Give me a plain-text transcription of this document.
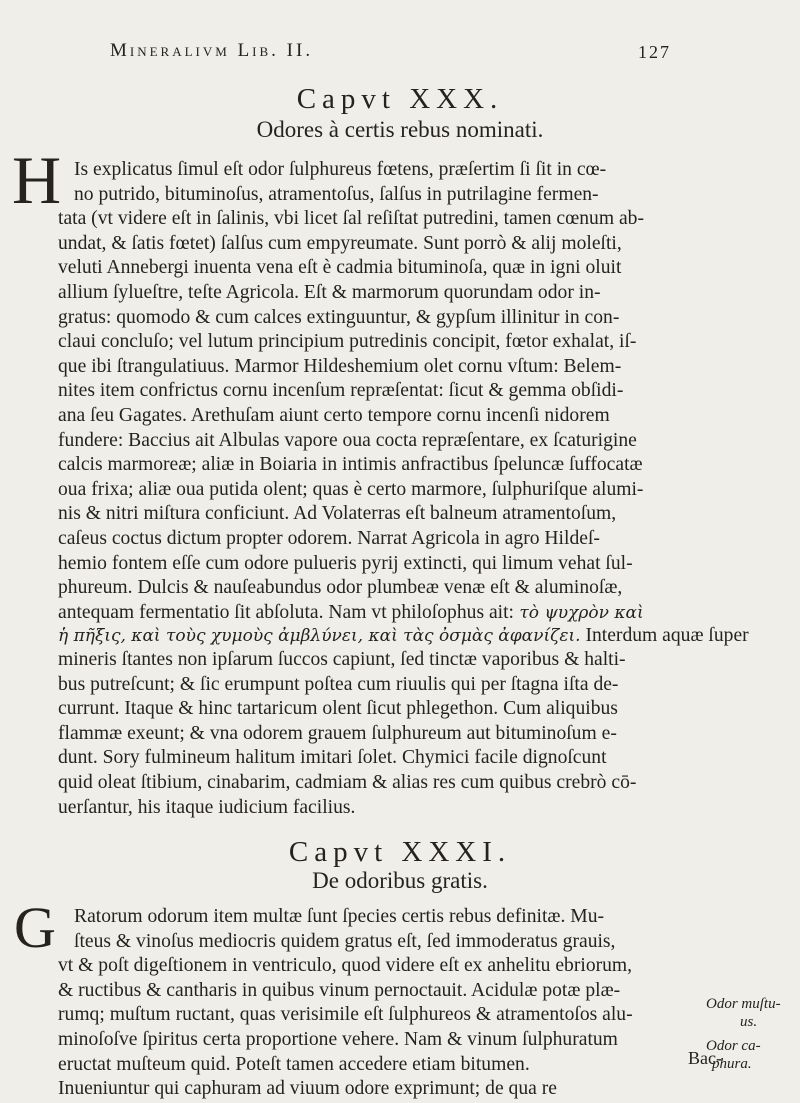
Mineralivm Lib. II.	127
Capvt XXX.
Odores à certis rebus nominati.
H Is explicatus ſimul eſt odor ſulphureus fœtens, præſertim ſi ſit in cœ-
no putrido, bituminoſus, atramentoſus, ſalſus in putrilagine fermen-
tata (vt videre eſt in ſalinis, vbi licet ſal reſiſtat putredini, tamen cœnum ab-
undat, & ſatis fœtet) ſalſus cum empyreumate. Sunt porrò & alij moleſti,
veluti Annebergi inuenta vena eſt è cadmia bituminoſa, quæ in igni oluit
allium ſylueſtre, teſte Agricola. Eſt & marmorum quorundam odor in-
gratus: quomodo & cum calces extinguuntur, & gypſum illinitur in con-
claui concluſo; vel lutum principium putredinis concipit, fœtor exhalat, iſ-
que ibi ſtrangulatiuus. Marmor Hildeshemium olet cornu vſtum: Belem-
nites item confrictus cornu incenſum repræſentat: ſicut & gemma obſidi-
ana ſeu Gagates. Arethuſam aiunt certo tempore cornu incenſi nidorem
fundere: Baccius ait Albulas vapore oua cocta repræſentare, ex ſcaturigine
calcis marmoreæ; aliæ in Boiaria in intimis anfractibus ſpeluncæ ſuffocatæ
oua frixa; aliæ oua putida olent; quas è certo marmore, ſulphuriſque alumi-
nis & nitri miſtura conficiunt. Ad Volaterras eſt balneum atramentoſum,
caſeus coctus dictum propter odorem. Narrat Agricola in agro Hildeſ-
hemio fontem eſſe cum odore pulueris pyrij extincti, qui limum vehat ſul-
phureum. Dulcis & nauſeabundus odor plumbeæ venæ eſt & aluminoſæ,
antequam fermentatio ſit abſoluta. Nam vt philoſophus ait: τὸ ψυχρὸν καὶ
ἡ πῆξις, καὶ τοὺς χυμοὺς ἀμβλύνει, καὶ τὰς ὀσμὰς ἀφανίζει. Interdum aquæ ſuper
mineris ſtantes non ipſarum ſuccos capiunt, ſed tinctæ vaporibus & halti-
bus putreſcunt; & ſic erumpunt poſtea cum riuulis qui per ſtagna iſta de-
currunt. Itaque & hinc tartaricum olent ſicut phlegethon. Cum aliquibus
flammæ exeunt; & vna odorem grauem ſulphureum aut bituminoſum e-
dunt. Sory fulmineum halitum imitari ſolet. Chymici facile dignoſcunt
quid oleat ſtibium, cinabarim, cadmiam & alias res cum quibus crebrò cō-
uerſantur, his itaque iudicium facilius.
Capvt XXXI.
De odoribus gratis.
G Ratorum odorum item multæ ſunt ſpecies certis rebus definitæ. Mu-
ſteus & vinoſus mediocris quidem gratus eſt, ſed immoderatus grauis,
vt & poſt digeſtionem in ventriculo, quod videre eſt ex anhelitu ebriorum,
& ructibus & cantharis in quibus vinum pernoctauit. Acidulæ potæ plæ-
rumq; muſtum ructant, quas verisimile eſt ſulphureos & atramentoſos alu-
minoſoſve ſpiritus certa proportione vehere. Nam & vinum ſulphuratum
eructat muſteum quid. Poteſt tamen accedere etiam bitumen.
Inueniuntur qui caphuram ad viuum odore exprimunt; de qua re
Odor muſtu-
us.
Odor ca-
phura.
Bac-
